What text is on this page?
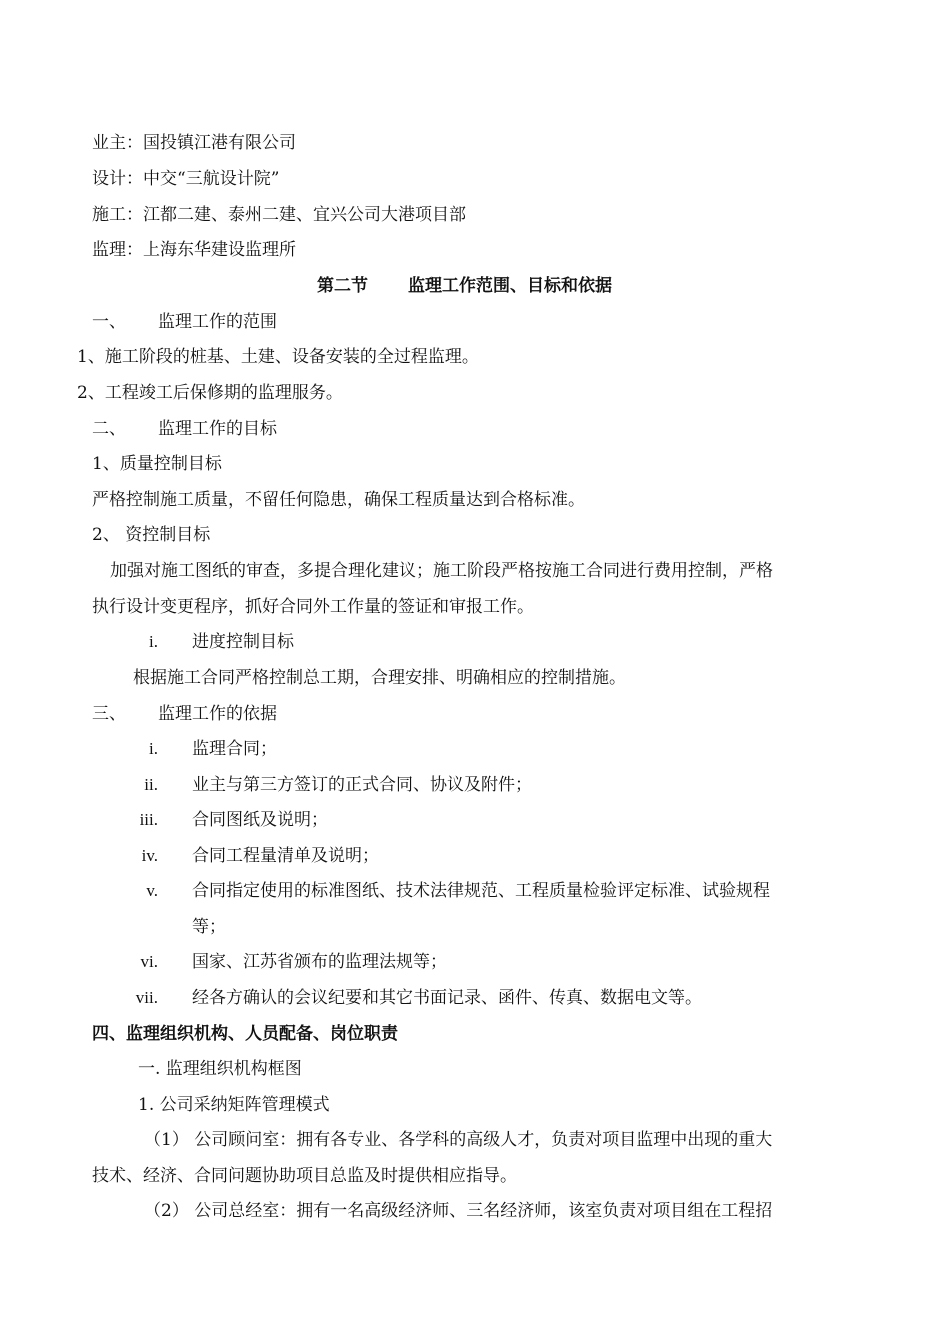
业主：国投镇江港有限公司
设计：中交“三航设计院”
施工：江都二建、泰州二建、宜兴公司大港项目部
监理：上海东华建设监理所
第二节 监理工作范围、目标和依据
一、 监理工作的范围
1、施工阶段的桩基、土建、设备安装的全过程监理。
2、工程竣工后保修期的监理服务。
二、 监理工作的目标
1、质量控制目标
严格控制施工质量，不留任何隐患，确保工程质量达到合格标准。
2、 资控制目标
加强对施工图纸的审查，多提合理化建议；施工阶段严格按施工合同进行费用控制，严格
执行设计变更程序，抓好合同外工作量的签证和审报工作。
i. 进度控制目标
根据施工合同严格控制总工期，合理安排、明确相应的控制措施。
三、 监理工作的依据
i. 监理合同；
ii. 业主与第三方签订的正式合同、协议及附件；
iii. 合同图纸及说明；
iv. 合同工程量清单及说明；
v. 合同指定使用的标准图纸、技术法律规范、工程质量检验评定标准、试验规程
等；
vi. 国家、江苏省颁布的监理法规等；
vii. 经各方确认的会议纪要和其它书面记录、函件、传真、数据电文等。
四、监理组织机构、人员配备、岗位职责
一. 监理组织机构框图
1. 公司采纳矩阵管理模式
（1） 公司顾问室：拥有各专业、各学科的高级人才，负责对项目监理中出现的重大
技术、经济、合同问题协助项目总监及时提供相应指导。
（2） 公司总经室：拥有一名高级经济师、三名经济师，该室负责对项目组在工程招
